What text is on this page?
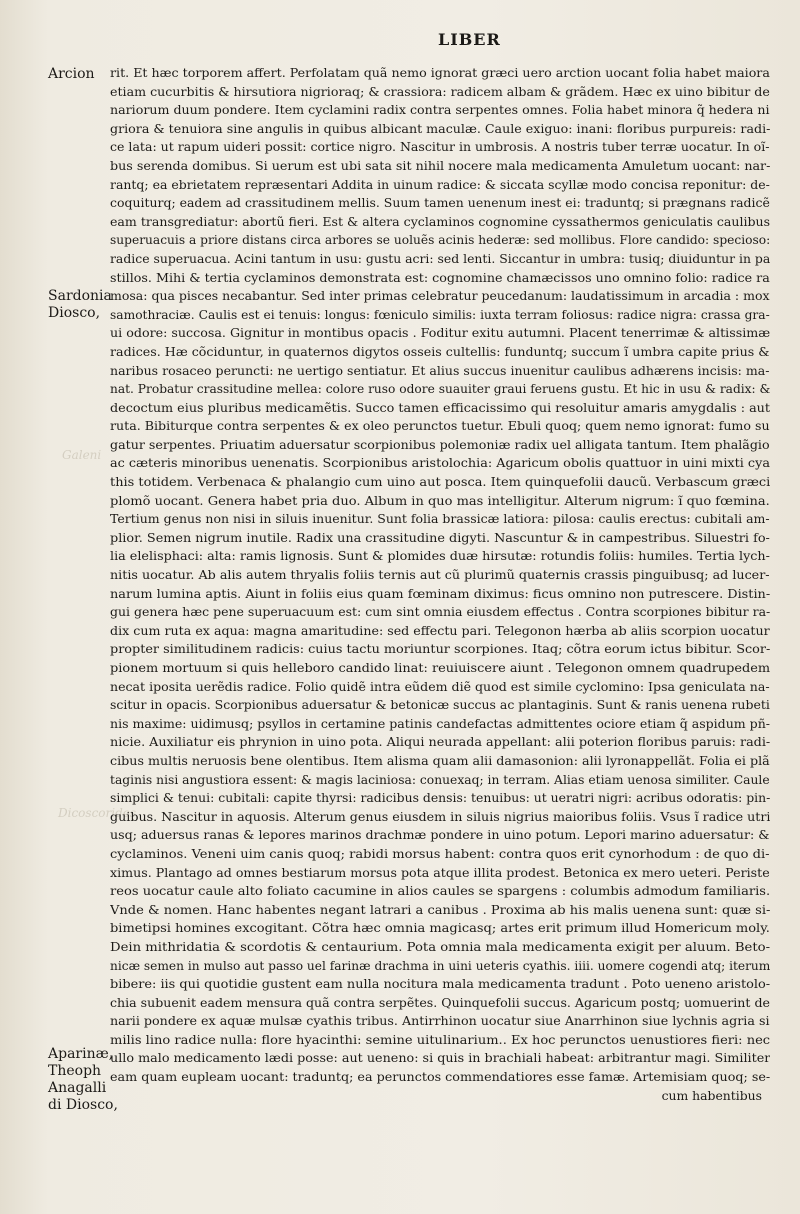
LIBER
Arcion
Sardonia
Diosco,
Aparinæ,
Theoph
Anagalli
di Diosco,
Galeni
Dicoscorides
rit. Et hæc torporem affert. Perfolatam quã nemo ignorat græci uero arction uocant folia habet maiora
etiam cucurbitis & hirsutiora nigrioraq; & crassiora: radicem albam & grãdem. Hæc ex uino bibitur de
nariorum duum pondere. Item cyclamini radix contra serpentes omnes. Folia habet minora q̃ hedera ni
griora & tenuiora sine angulis in quibus albicant maculæ. Caule exiguo: inani: floribus purpureis: radi-
ce lata: ut rapum uideri possit: cortice nigro. Nascitur in umbrosis. A nostris tuber terræ uocatur. In oĩ-
bus serenda domibus. Si uerum est ubi sata sit nihil nocere mala medicamenta Amuletum uocant: nar-
rantq; ea ebrietatem repræsentari Addita in uinum radice: & siccata scyllæ modo concisa reponitur: de-
coquiturq; eadem ad crassitudinem mellis. Suum tamen uenenum inest ei: traduntq; si prægnans radicẽ
eam transgrediatur: abortũ fieri. Est & altera cyclaminos cognomine cyssathermos geniculatis caulibus
superuacuis a priore distans circa arbores se uoluẽs acinis hederæ: sed mollibus. Flore candido: specioso:
radice superuacua. Acini tantum in usu: gustu acri: sed lenti. Siccantur in umbra: tusiq; diuiduntur in pa
stillos. Mihi & tertia cyclaminos demonstrata est: cognomine chamæcissos uno omnino folio: radice ra
mosa: qua pisces necabantur. Sed inter primas celebratur peucedanum: laudatissimum in arcadia : mox
samothraciæ. Caulis est ei tenuis: longus: fœniculo similis: iuxta terram foliosus: radice nigra: crassa gra-
ui odore: succosa. Gignitur in montibus opacis . Foditur exitu autumni. Placent tenerrimæ & altissimæ
radices. Hæ cõciduntur, in quaternos digytos osseis cultellis: funduntq; succum ĩ umbra capite prius &
naribus rosaceo peruncti: ne uertigo sentiatur. Et alius succus inuenitur caulibus adhærens incisis: ma-
nat. Probatur crassitudine mellea: colore ruso odore suauiter graui feruens gustu. Et hic in usu & radix: &
decoctum eius pluribus medicamẽtis. Succo tamen efficacissimo qui resoluitur amaris amygdalis : aut
ruta. Bibiturque contra serpentes & ex oleo perunctos tuetur. Ebuli quoq; quem nemo ignorat: fumo su
gatur serpentes. Priuatim aduersatur scorpionibus polemoniæ radix uel alligata tantum. Item phalãgio
ac cæteris minoribus uenenatis. Scorpionibus aristolochia: Agaricum obolis quattuor in uini mixti cya
this totidem. Verbenaca & phalangio cum uino aut posca. Item quinquefolii daucũ. Verbascum græci
plomõ uocant. Genera habet pria duo. Album in quo mas intelligitur. Alterum nigrum: ĩ quo fœmina.
Tertium genus non nisi in siluis inuenitur. Sunt folia brassicæ latiora: pilosa: caulis erectus: cubitali am-
plior. Semen nigrum inutile. Radix una crassitudine digyti. Nascuntur & in campestribus. Siluestri fo-
lia elelisphaci: alta: ramis lignosis. Sunt & plomides duæ hirsutæ: rotundis foliis: humiles. Tertia lych-
nitis uocatur. Ab alis autem thryalis foliis ternis aut cũ plurimũ quaternis crassis pinguibusq; ad lucer-
narum lumina aptis. Aiunt in foliis eius quam fœminam diximus: ficus omnino non putrescere. Distin-
gui genera hæc pene superuacuum est: cum sint omnia eiusdem effectus . Contra scorpiones bibitur ra-
dix cum ruta ex aqua: magna amaritudine: sed effectu pari. Telegonon hærba ab aliis scorpion uocatur
propter similitudinem radicis: cuius tactu moriuntur scorpiones. Itaq; cõtra eorum ictus bibitur. Scor-
pionem mortuum si quis helleboro candido linat: reuiuiscere aiunt . Telegonon omnem quadrupedem
necat iposita uerẽdis radice. Folio quidẽ intra eũdem diẽ quod est simile cyclomino: Ipsa geniculata na-
scitur in opacis. Scorpionibus aduersatur & betonicæ succus ac plantaginis. Sunt & ranis uenena rubeti
nis maxime: uidimusq; psyllos in certamine patinis candefactas admittentes ociore etiam q̃ aspidum pñ-
nicie. Auxiliatur eis phrynion in uino pota. Aliqui neurada appellant: alii poterion floribus paruis: radi-
cibus multis neruosis bene olentibus. Item alisma quam alii damasonion: alii lyronappellãt. Folia ei plã
taginis nisi angustiora essent: & magis laciniosa: conuexaq; in terram. Alias etiam uenosa similiter. Caule
simplici & tenui: cubitali: capite thyrsi: radicibus densis: tenuibus: ut ueratri nigri: acribus odoratis: pin-
guibus. Nascitur in aquosis. Alterum genus eiusdem in siluis nigrius maioribus foliis. Vsus ĩ radice utri
usq; aduersus ranas & lepores marinos drachmæ pondere in uino potum. Lepori marino aduersatur: &
cyclaminos. Veneni uim canis quoq; rabidi morsus habent: contra quos erit cynorhodum : de quo di-
ximus. Plantago ad omnes bestiarum morsus pota atque illita prodest. Betonica ex mero ueteri. Periste
reos uocatur caule alto foliato cacumine in alios caules se spargens : columbis admodum familiaris.
Vnde & nomen. Hanc habentes negant latrari a canibus . Proxima ab his malis uenena sunt: quæ si-
bimetipsi homines excogitant. Cõtra hæc omnia magicasq; artes erit primum illud Homericum moly.
Dein mithridatia & scordotis & centaurium. Pota omnia mala medicamenta exigit per aluum. Beto-
nicæ semen in mulso aut passo uel farinæ drachma in uini ueteris cyathis. iiii. uomere cogendi atq; iterum
bibere: iis qui quotidie gustent eam nulla nocitura mala medicamenta tradunt . Poto ueneno aristolo-
chia subuenit eadem mensura quã contra serpẽtes. Quinquefolii succus. Agaricum postq; uomuerint de
narii pondere ex aquæ mulsæ cyathis tribus. Antirrhinon uocatur siue Anarrhinon siue lychnis agria si
milis lino radice nulla: flore hyacinthi: semine uitulinarium.. Ex hoc perunctos uenustiores fieri: nec
ullo malo medicamento lædi posse: aut ueneno: si quis in brachiali habeat: arbitrantur magi. Similiter
eam quam eupleam uocant: traduntq; ea perunctos commendatiores esse famæ. Artemisiam quoq; se-
cum habentibus
